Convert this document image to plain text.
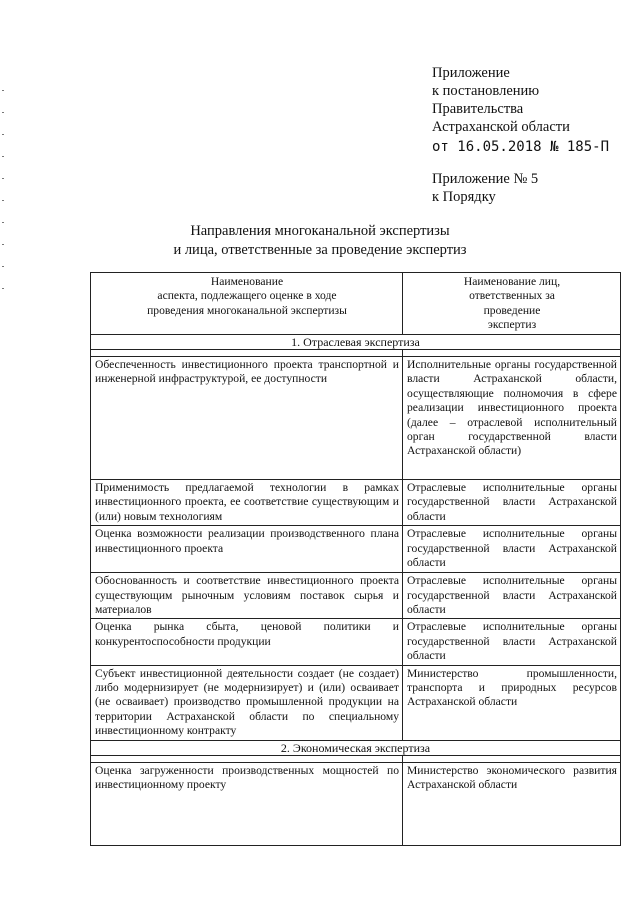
Приложение
к постановлению
Правительства
Астраханской области
от 16.05.2018 № 185-П
Приложение № 5
к Порядку
Направления многоканальной экспертизы
и лица, ответственные за проведение экспертиз
Наименование
аспекта, подлежащего оценке в ходе
проведения многоканальной экспертизы	Наименование лиц,
ответственных за
проведение
экспертиз

1. Отраслевая экспертиза	

Обеспеченность инвестиционного проекта транспортной и инженерной инфраструктурой, ее доступности	Исполнительные органы государственной власти Астраханской области, осуществляющие полномочия в сфере реализации инвестиционного проекта (далее – отраслевой исполнительный орган государственной власти Астраханской области)
Применимость предлагаемой технологии в рамках инвестиционного проекта, ее соответствие существующим и (или) новым технологиям	Отраслевые исполнительные органы государственной власти Астраханской области
Оценка возможности реализации производственного плана инвестиционного проекта	Отраслевые исполнительные органы государственной власти Астраханской области
Обоснованность и соответствие инвестиционного проекта существующим рыночным условиям поставок сырья и материалов	Отраслевые исполнительные органы государственной власти Астраханской области
Оценка рынка сбыта, ценовой политики и конкурентоспособности продукции	Отраслевые исполнительные органы государственной власти Астраханской области
Субъект инвестиционной деятельности создает (не создает) либо модернизирует (не модернизирует) и (или) осваивает (не осваивает) производство промышленной продукции на территории Астраханской области по специальному инвестиционному контракту	Министерство промышленности, транспорта и природных ресурсов Астраханской области
2. Экономическая экспертиза	

Оценка загруженности производственных мощностей по инвестиционному проекту	Министерство экономического развития Астраханской области
